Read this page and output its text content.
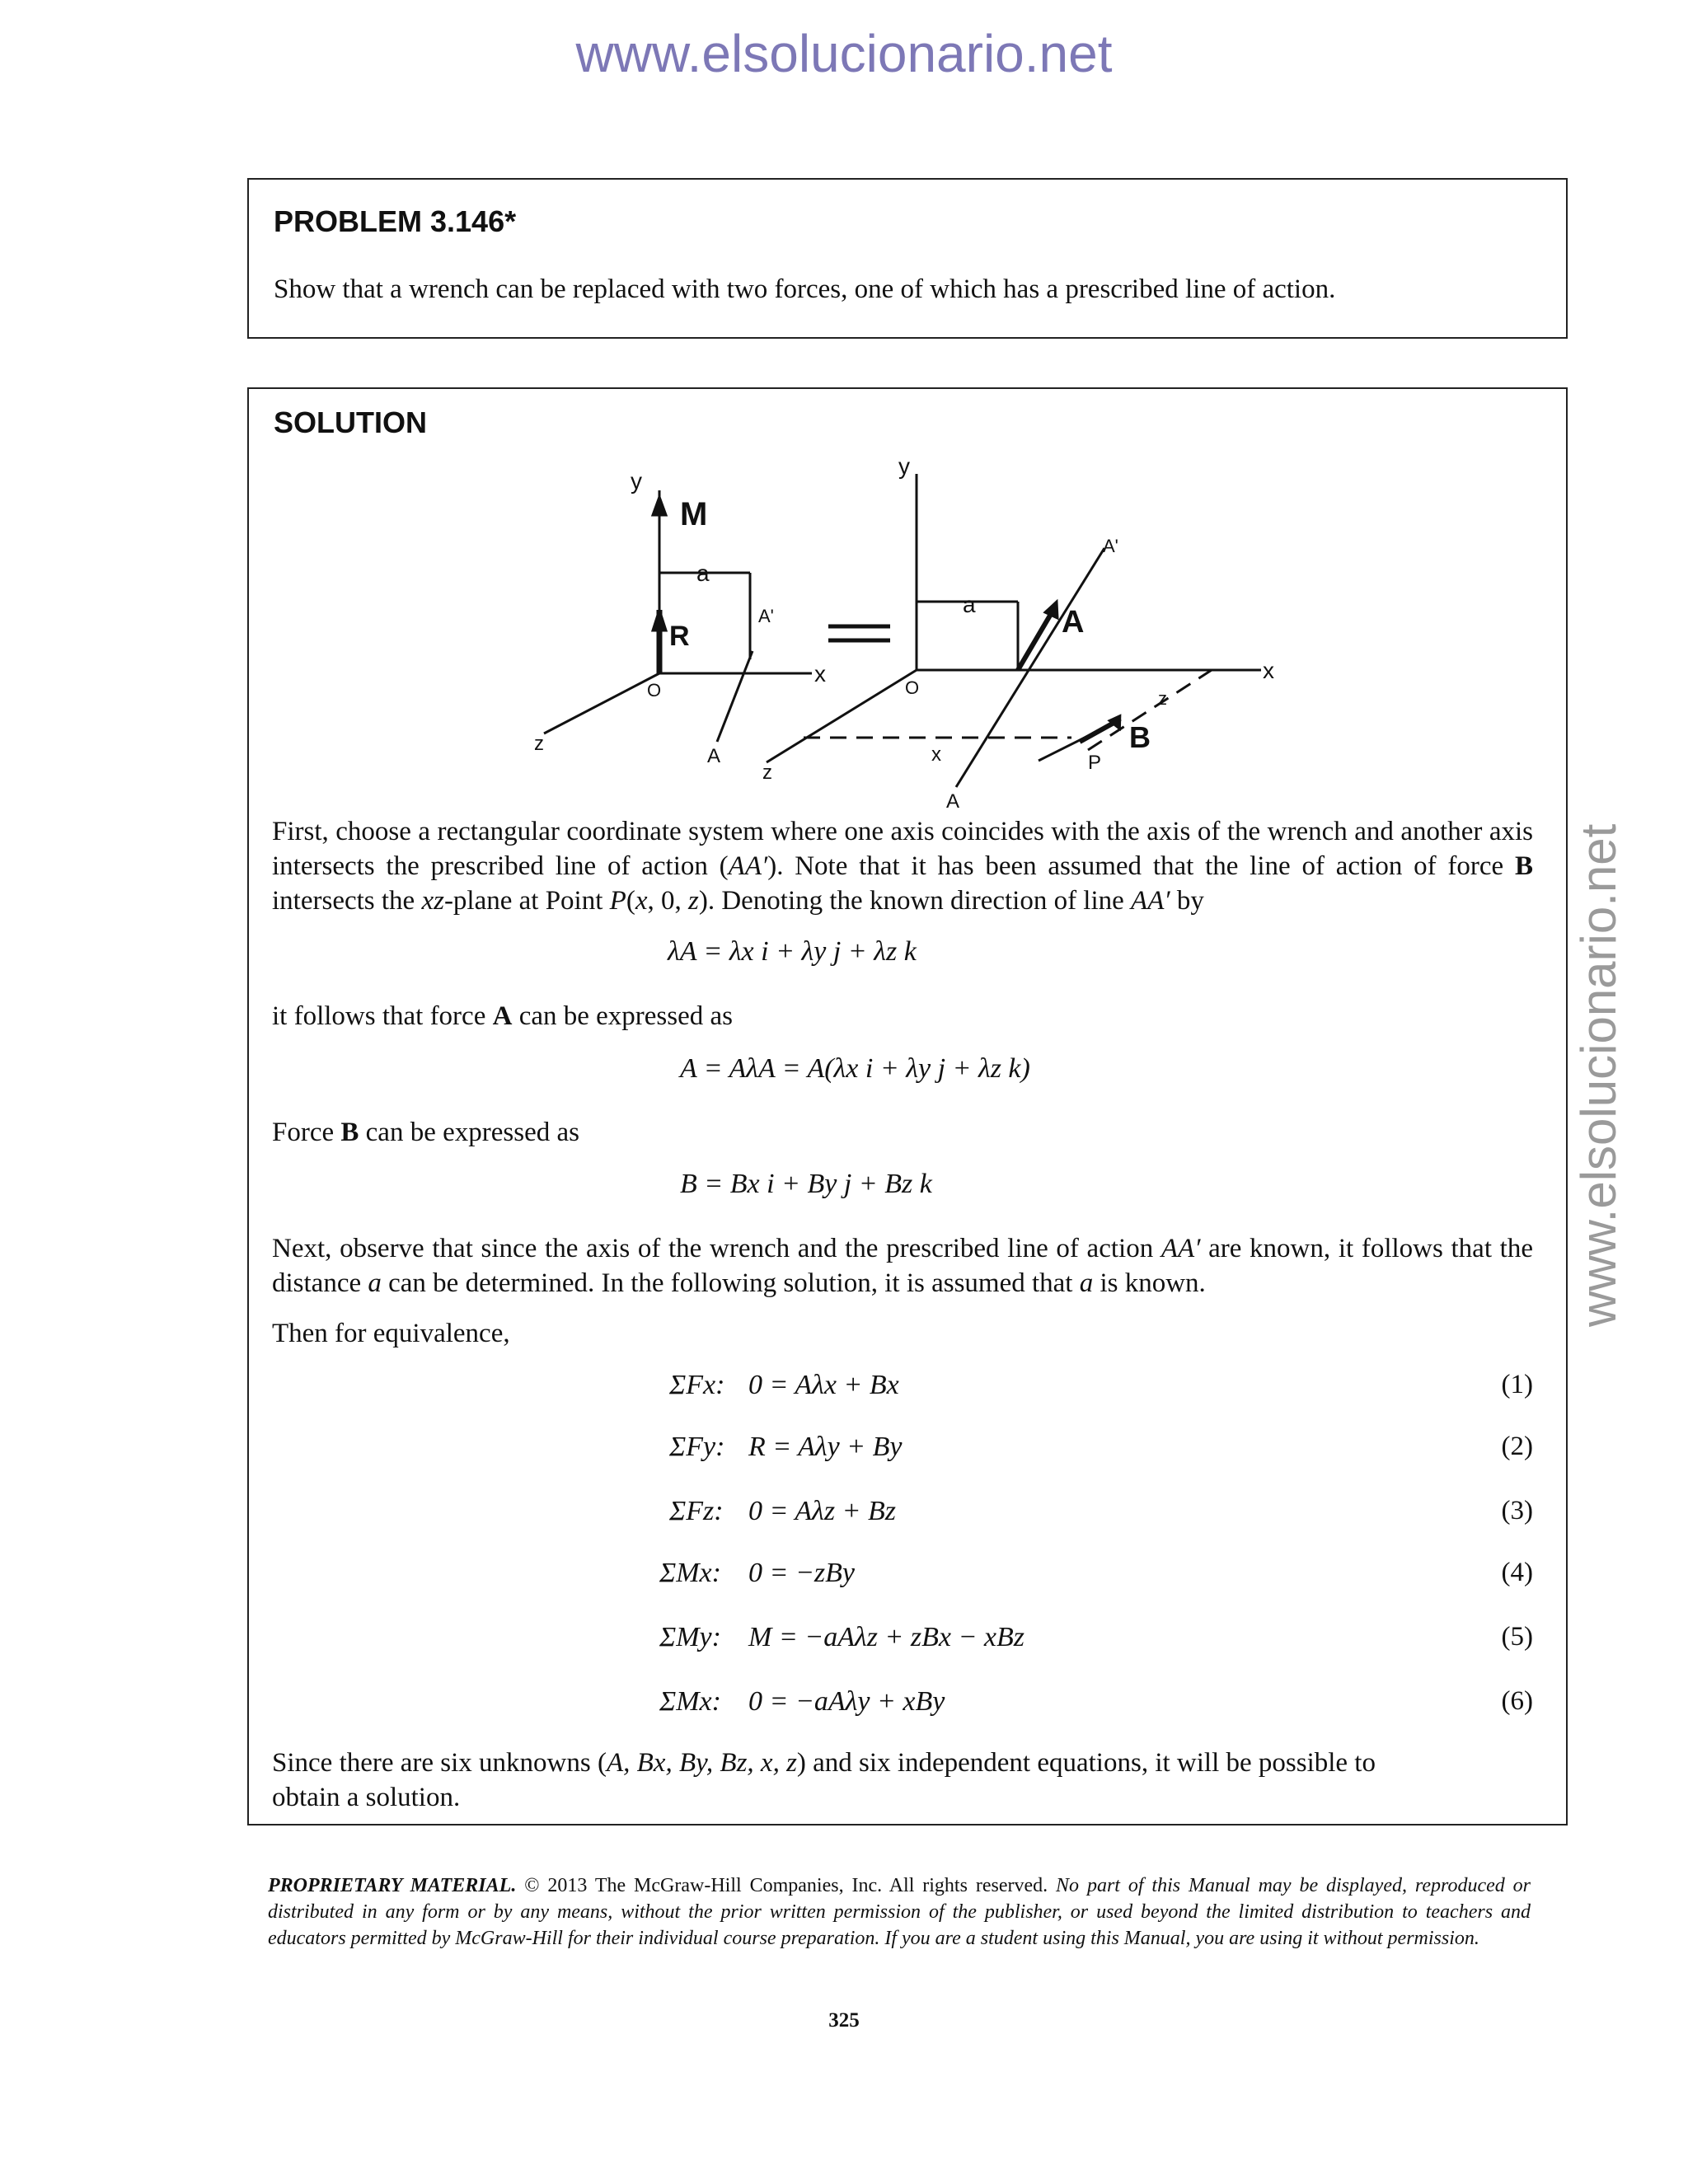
www.elsolucionario.net
www.elsolucionario.net
PROBLEM 3.146*
Show that a wrench can be replaced with two forces, one of which has a prescribed line of action.
SOLUTION
y
M
R
a
A'
O
x
z
A
y
a
A'
A
O
x
z
B
P
x
z
A
First, choose a rectangular coordinate system where one axis coincides with the axis of the wrench and another axis intersects the prescribed line of action (AA′). Note that it has been assumed that the line of action of force B intersects the xz-plane at Point P(x, 0, z). Denoting the known direction of line AA′ by
λA = λx i + λy j + λz k
it follows that force A can be expressed as
A = AλA = A(λx i + λy j + λz k)
Force B can be expressed as
B = Bx i + By j + Bz k
Next, observe that since the axis of the wrench and the prescribed line of action AA′ are known, it follows that the distance a can be determined. In the following solution, it is assumed that a is known.
Then for equivalence,
ΣFx: 0 = Aλx + Bx	(1)
ΣFy: R = Aλy + By	(2)
ΣFz: 0 = Aλz + Bz	(3)
ΣMx: 0 = −zBy	(4)
ΣMy: M = −aAλz + zBx − xBz	(5)
ΣMx: 0 = −aAλy + xBy	(6)
Since there are six unknowns (A, Bx, By, Bz, x, z) and six independent equations, it will be possible to
obtain a solution.
PROPRIETARY MATERIAL. © 2013 The McGraw-Hill Companies, Inc. All rights reserved. No part of this Manual may be displayed, reproduced or distributed in any form or by any means, without the prior written permission of the publisher, or used beyond the limited distribution to teachers and educators permitted by McGraw-Hill for their individual course preparation. If you are a student using this Manual, you are using it without permission.
325
